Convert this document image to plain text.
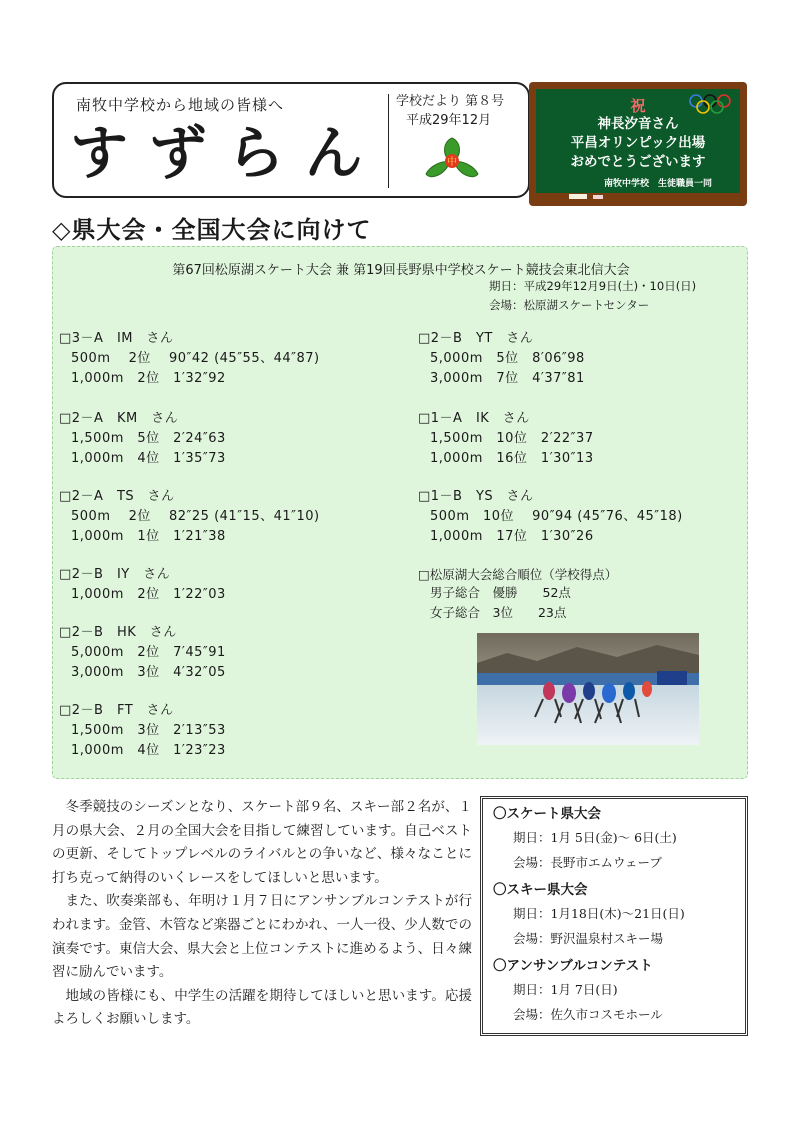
南牧中学校から地域の皆様へ
すずらん
学校だより 第８号
平成29年12月
中
祝
神長汐音さん
平昌オリンピック出場
おめでとうございます
南牧中学校　生徒職員一同
◇県大会・全国大会に向けて
第67回松原湖スケート大会 兼 第19回長野県中学校スケート競技会東北信大会
期日：平成29年12月9日(土)・10日(日)
会場：松原湖スケートセンター
□3－A　IM　さん
500m　 2位　 90″42 (45″55、44″87)
1,000m　2位　1′32″92
□2－A　KM　さん
1,500m　5位　2′24″63
1,000m　4位　1′35″73
□2－A　TS　さん
500m　 2位　 82″25 (41″15、41″10)
1,000m　1位　1′21″38
□2－B　IY　さん
1,000m　2位　1′22″03
□2－B　HK　さん
5,000m　2位　7′45″91
3,000m　3位　4′32″05
□2－B　FT　さん
1,500m　3位　2′13″53
1,000m　4位　1′23″23
□2－B　YT　さん
5,000m　5位　8′06″98
3,000m　7位　4′37″81
□1－A　IK　さん
1,500m　10位　2′22″37
1,000m　16位　1′30″13
□1－B　YS　さん
500m　10位　 90″94 (45″76、45″18)
1,000m　17位　1′30″26
□松原湖大会総合順位（学校得点）
男子総合　優勝　　52点
女子総合　3位　　23点

冬季競技のシーズンとなり、スケート部９名、スキー部２名が、１月の県大会、２月の全国大会を目指して練習しています。自己ベストの更新、そしてトップレベルのライバルとの争いなど、様々なことに打ち克って納得のいくレースをしてほしいと思います。

また、吹奏楽部も、年明け１月７日にアンサンブルコンテストが行われます。金管、木管など楽器ごとにわかれ、一人一役、少人数での演奏です。東信大会、県大会と上位コンテストに進めるよう、日々練習に励んでいます。

地域の皆様にも、中学生の活躍を期待してほしいと思います。応援よろしくお願いします。

〇スケート県大会
期日：1月 5日(金)～ 6日(土)
会場：長野市エムウェーブ
〇スキー県大会
期日：1月18日(木)～21日(日)
会場：野沢温泉村スキー場
〇アンサンブルコンテスト
期日：1月 7日(日)
会場：佐久市コスモホール
